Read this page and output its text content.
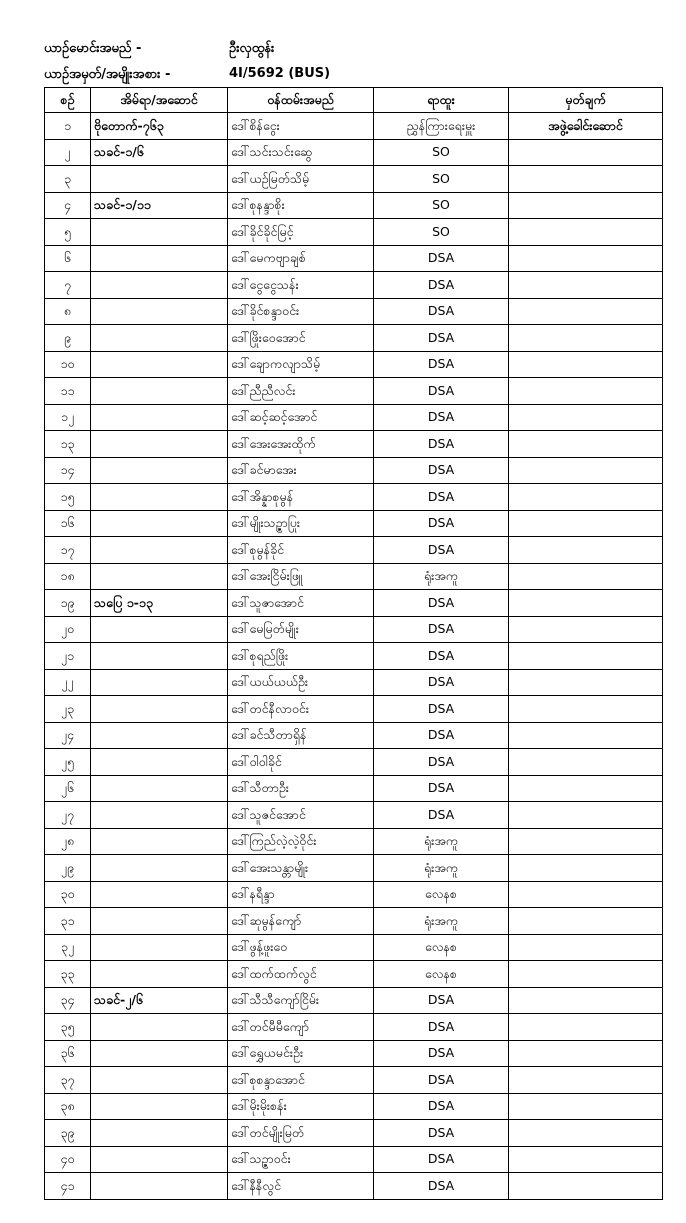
ယာဉ်မောင်းအမည် -	ဦးလှထွန်း
ယာဉ်အမှတ်/အမျိုးအစား -	4I/5692 (BUS)
စဉ်	အိမ်ရာ/အဆောင်	ဝန်ထမ်းအမည်	ရာထူး	မှတ်ချက်
၁	ဗိုတောက်-၇၆၃	ဒေါ်စိန်ငွေး	ညွှန်ကြားရေးမှူး	အဖွဲ့ခေါင်းဆောင်
၂	သခင်-၁/၆	ဒေါ်သင်းသင်းဆွေ	SO	
၃		ဒေါ်ယဉ်မြတ်သိမ့်	SO	
၄	သခင်-၁/၁၁	ဒေါ်စုနန္ဒာစိုး	SO	
၅		ဒေါ်ခိုင်ခိုင်မြင့်	SO	
၆		ဒေါ်မေကဗျာချစ်	DSA	
၇		ဒေါ်ငွေငွေသန်း	DSA	
၈		ဒေါ်ခိုင်စန္ဒာဝင်း	DSA	
၉		ဒေါ်ဖြိုးဝေအောင်	DSA	
၁၀		ဒေါ်ချောကလျာသိမ့်	DSA	
၁၁		ဒေါ်ညီညီလင်း	DSA	
၁၂		ဒေါ်ဆင့်ဆင့်အောင်	DSA	
၁၃		ဒေါ်အေးအေးထိုက်	DSA	
၁၄		ဒေါ်ခင်မာအေး	DSA	
၁၅		ဒေါ်အိန္နာစုမွန်	DSA	
၁၆		ဒေါ်မျိုးသဉ္ဇာပြုး	DSA	
၁၇		ဒေါ်စုမွန်ခိုင်	DSA	
၁၈		ဒေါ်အေးငြိမ်းဖြူ	ရုံးအကူ	
၁၉	သပြေ ၁-၁၃	ဒေါ်သူဇာအောင်	DSA	
၂၀		ဒေါ်မေမြတ်မျိုး	DSA	
၂၁		ဒေါ်စုရည်ဖြိုး	DSA	
၂၂		ဒေါ်ယယ်ယယ်ဦး	DSA	
၂၃		ဒေါ်တင်နီလာဝင်း	DSA	
၂၄		ဒေါ်ခင်သီတာရှိန်	DSA	
၂၅		ဒေါ်ဝါဝါခိုင်	DSA	
၂၆		ဒေါ်သီတာဦး	DSA	
၂၇		ဒေါ်သူဇင်အောင်	DSA	
၂၈		ဒေါ်ကြည်လဲ့လဲ့ဝိုင်း	ရုံးအကူ	
၂၉		ဒေါ်အေးသန္တာမျိုး	ရုံးအကူ	
၃၀		ဒေါ်နရီန္ဒာ	လေနစ	
၃၁		ဒေါ်ဆုမွန်ကျော်	ရုံးအကူ	
၃၂		ဒေါ်ဖွန့်ဖူးဝေ	လေနစ	
၃၃		ဒေါ်ထက်ထက်လွင်	လေနစ	
၃၄	သခင်-၂/၆	ဒေါ်သီသီကျော်ငြိမ်း	DSA	
၃၅		ဒေါ်တင်မီမီကျော်	DSA	
၃၆		ဒေါ်ရွှေယမင်းဦး	DSA	
၃၇		ဒေါ်စုစန္ဒာအောင်	DSA	
၃၈		ဒေါ်မိုးမိုးစန်း	DSA	
၃၉		ဒေါ်တင်မျိုးမြတ်	DSA	
၄၀		ဒေါ်သဥ္ဇာဝင်း	DSA	
၄၁		ဒေါ်နီနီလွင်	DSA	
